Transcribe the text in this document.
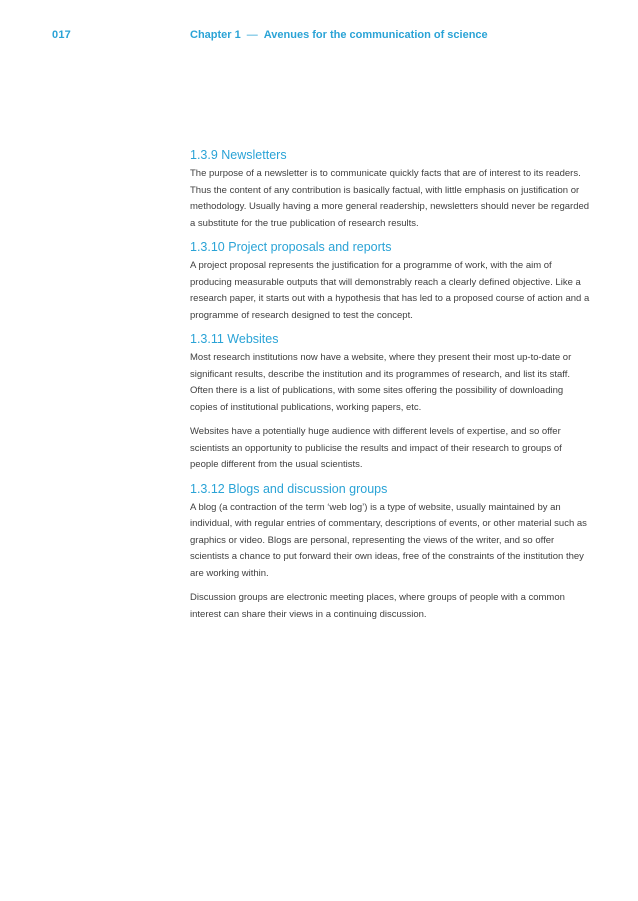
017	Chapter 1 — Avenues for the communication of science
1.3.9 Newsletters

The purpose of a newsletter is to communicate quickly facts that are of interest to its readers. Thus the content of any contribution is basically factual, with little emphasis on justification or methodology. Usually having a more general readership, newsletters should never be regarded a substitute for the true publication of research results.

1.3.10 Project proposals and reports

A project proposal represents the justification for a programme of work, with the aim of producing measurable outputs that will demonstrably reach a clearly defined objective. Like a research paper, it starts out with a hypothesis that has led to a proposed course of action and a programme of research designed to test the concept.

1.3.11 Websites

Most research institutions now have a website, where they present their most up-to-date or significant results, describe the institution and its programmes of research, and list its staff. Often there is a list of publications, with some sites offering the possibility of downloading copies of institutional publications, working papers, etc.

Websites have a potentially huge audience with different levels of expertise, and so offer scientists an opportunity to publicise the results and impact of their research to groups of people different from the usual scientists.

1.3.12 Blogs and discussion groups

A blog (a contraction of the term ‘web log’) is a type of website, usually maintained by an individual, with regular entries of commentary, descriptions of events, or other material such as graphics or video. Blogs are personal, representing the views of the writer, and so offer scientists a chance to put forward their own ideas, free of the constraints of the institution they are working within.

Discussion groups are electronic meeting places, where groups of people with a common interest can share their views in a continuing discussion.
